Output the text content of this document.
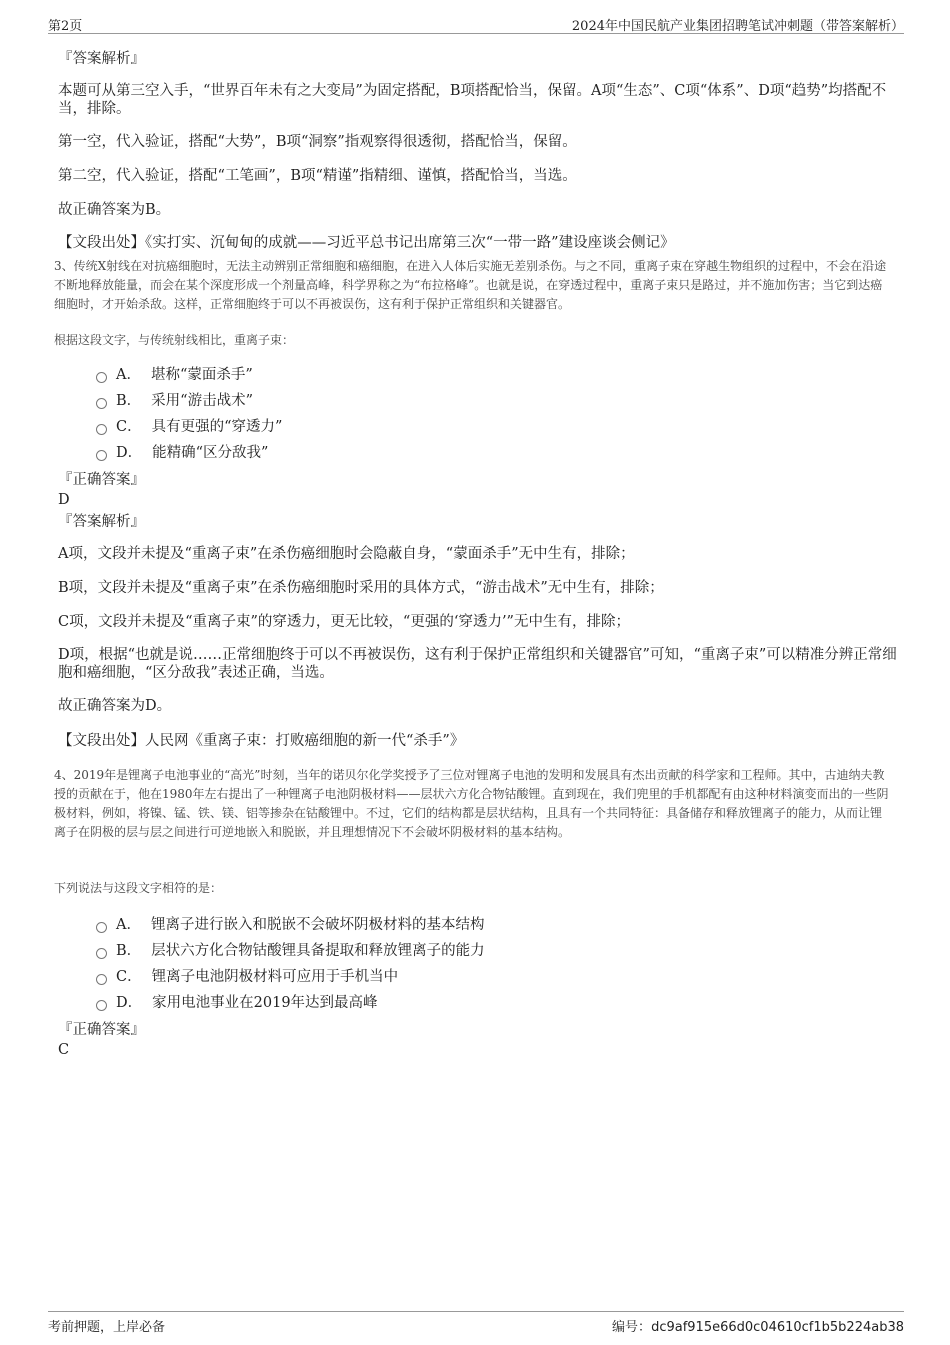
第2页	2024年中国民航产业集团招聘笔试冲刺题（带答案解析）

『答案解析』

本题可从第三空入手，“世界百年未有之大变局”为固定搭配，B项搭配恰当，保留。A项“生态”、C项“体系”、D项“趋势”均搭配不当，排除。

第一空，代入验证，搭配“大势”，B项“洞察”指观察得很透彻，搭配恰当，保留。

第二空，代入验证，搭配“工笔画”，B项“精谨”指精细、谨慎，搭配恰当，当选。

故正确答案为B。

【文段出处】《实打实、沉甸甸的成就——习近平总书记出席第三次“一带一路”建设座谈会侧记》

3、传统X射线在对抗癌细胞时，无法主动辨别正常细胞和癌细胞，在进入人体后实施无差别杀伤。与之不同，重离子束在穿越生物组织的过程中，不会在沿途不断地释放能量，而会在某个深度形成一个剂量高峰，科学界称之为“布拉格峰”。也就是说，在穿透过程中，重离子束只是路过，并不施加伤害；当它到达癌细胞时，才开始杀敌。这样，正常细胞终于可以不再被误伤，这有利于保护正常组织和关键器官。

根据这段文字，与传统射线相比，重离子束：

A． 堪称“蒙面杀手”
B． 采用“游击战术”
C． 具有更强的“穿透力”
D． 能精确“区分敌我”

『正确答案』

D

『答案解析』

A项，文段并未提及“重离子束”在杀伤癌细胞时会隐蔽自身，“蒙面杀手”无中生有，排除；

B项，文段并未提及“重离子束”在杀伤癌细胞时采用的具体方式，“游击战术”无中生有，排除；

C项，文段并未提及“重离子束”的穿透力，更无比较，“更强的‘穿透力’”无中生有，排除；

D项，根据“也就是说……正常细胞终于可以不再被误伤，这有利于保护正常组织和关键器官”可知，“重离子束”可以精准分辨正常细胞和癌细胞，“区分敌我”表述正确，当选。

故正确答案为D。

【文段出处】人民网《重离子束：打败癌细胞的新一代“杀手”》

4、2019年是锂离子电池事业的“高光”时刻，当年的诺贝尔化学奖授予了三位对锂离子电池的发明和发展具有杰出贡献的科学家和工程师。其中，古迪纳夫教授的贡献在于，他在1980年左右提出了一种锂离子电池阴极材料——层状六方化合物钴酸锂。直到现在，我们兜里的手机都配有由这种材料演变而出的一些阴极材料，例如，将镍、锰、铁、镁、铝等掺杂在钴酸锂中。不过，它们的结构都是层状结构，且具有一个共同特征：具备储存和释放锂离子的能力，从而让锂离子在阴极的层与层之间进行可逆地嵌入和脱嵌，并且理想情况下不会破坏阴极材料的基本结构。

下列说法与这段文字相符的是：

A． 锂离子进行嵌入和脱嵌不会破坏阴极材料的基本结构
B． 层状六方化合物钴酸锂具备提取和释放锂离子的能力
C． 锂离子电池阴极材料可应用于手机当中
D． 家用电池事业在2019年达到最高峰

『正确答案』

C

考前押题，上岸必备	编号：dc9af915e66d0c04610cf1b5b224ab38
